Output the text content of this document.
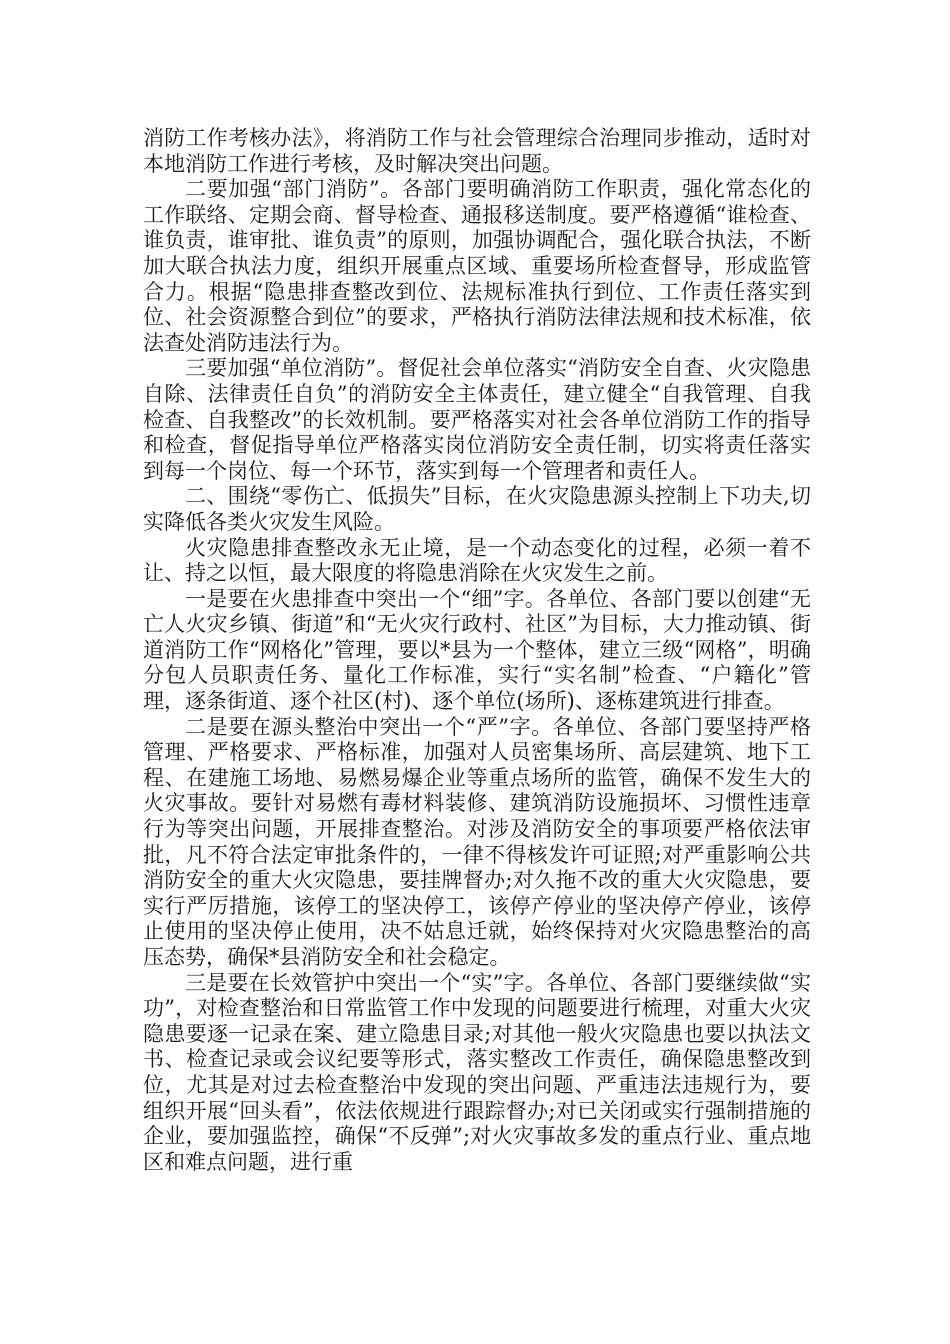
消防工作考核办法》，将消防工作与社会管理综合治理同步推动，适时对本地消防工作进行考核，及时解决突出问题。

二要加强“部门消防”。各部门要明确消防工作职责，强化常态化的工作联络、定期会商、督导检查、通报移送制度。要严格遵循“谁检查、谁负责，谁审批、谁负责”的原则，加强协调配合，强化联合执法，不断加大联合执法力度，组织开展重点区域、重要场所检查督导，形成监管合力。根据“隐患排查整改到位、法规标准执行到位、工作责任落实到位、社会资源整合到位”的要求，严格执行消防法律法规和技术标准，依法查处消防违法行为。

三要加强“单位消防”。督促社会单位落实“消防安全自查、火灾隐患自除、法律责任自负”的消防安全主体责任，建立健全“自我管理、自我检查、自我整改”的长效机制。要严格落实对社会各单位消防工作的指导和检查，督促指导单位严格落实岗位消防安全责任制，切实将责任落实到每一个岗位、每一个环节，落实到每一个管理者和责任人。

二、围绕“零伤亡、低损失”目标，在火灾隐患源头控制上下功夫,切实降低各类火灾发生风险。

火灾隐患排查整改永无止境，是一个动态变化的过程，必须一着不让、持之以恒，最大限度的将隐患消除在火灾发生之前。

一是要在火患排查中突出一个“细”字。各单位、各部门要以创建“无亡人火灾乡镇、街道”和“无火灾行政村、社区”为目标，大力推动镇、街道消防工作“网格化”管理，要以*县为一个整体，建立三级“网格”，明确分包人员职责任务、量化工作标准，实行“实名制”检查、“户籍化”管理，逐条街道、逐个社区(村)、逐个单位(场所)、逐栋建筑进行排查。

二是要在源头整治中突出一个“严”字。各单位、各部门要坚持严格管理、严格要求、严格标准，加强对人员密集场所、高层建筑、地下工程、在建施工场地、易燃易爆企业等重点场所的监管，确保不发生大的火灾事故。要针对易燃有毒材料装修、建筑消防设施损坏、习惯性违章行为等突出问题，开展排查整治。对涉及消防安全的事项要严格依法审批，凡不符合法定审批条件的，一律不得核发许可证照;对严重影响公共消防安全的重大火灾隐患，要挂牌督办;对久拖不改的重大火灾隐患，要实行严厉措施，该停工的坚决停工，该停产停业的坚决停产停业，该停止使用的坚决停止使用，决不姑息迁就，始终保持对火灾隐患整治的高压态势，确保*县消防安全和社会稳定。

三是要在长效管护中突出一个“实”字。各单位、各部门要继续做“实功”，对检查整治和日常监管工作中发现的问题要进行梳理，对重大火灾隐患要逐一记录在案、建立隐患目录;对其他一般火灾隐患也要以执法文书、检查记录或会议纪要等形式，落实整改工作责任，确保隐患整改到位，尤其是对过去检查整治中发现的突出问题、严重违法违规行为，要组织开展“回头看”，依法依规进行跟踪督办;对已关闭或实行强制措施的企业，要加强监控，确保“不反弹”;对火灾事故多发的重点行业、重点地区和难点问题，进行重
